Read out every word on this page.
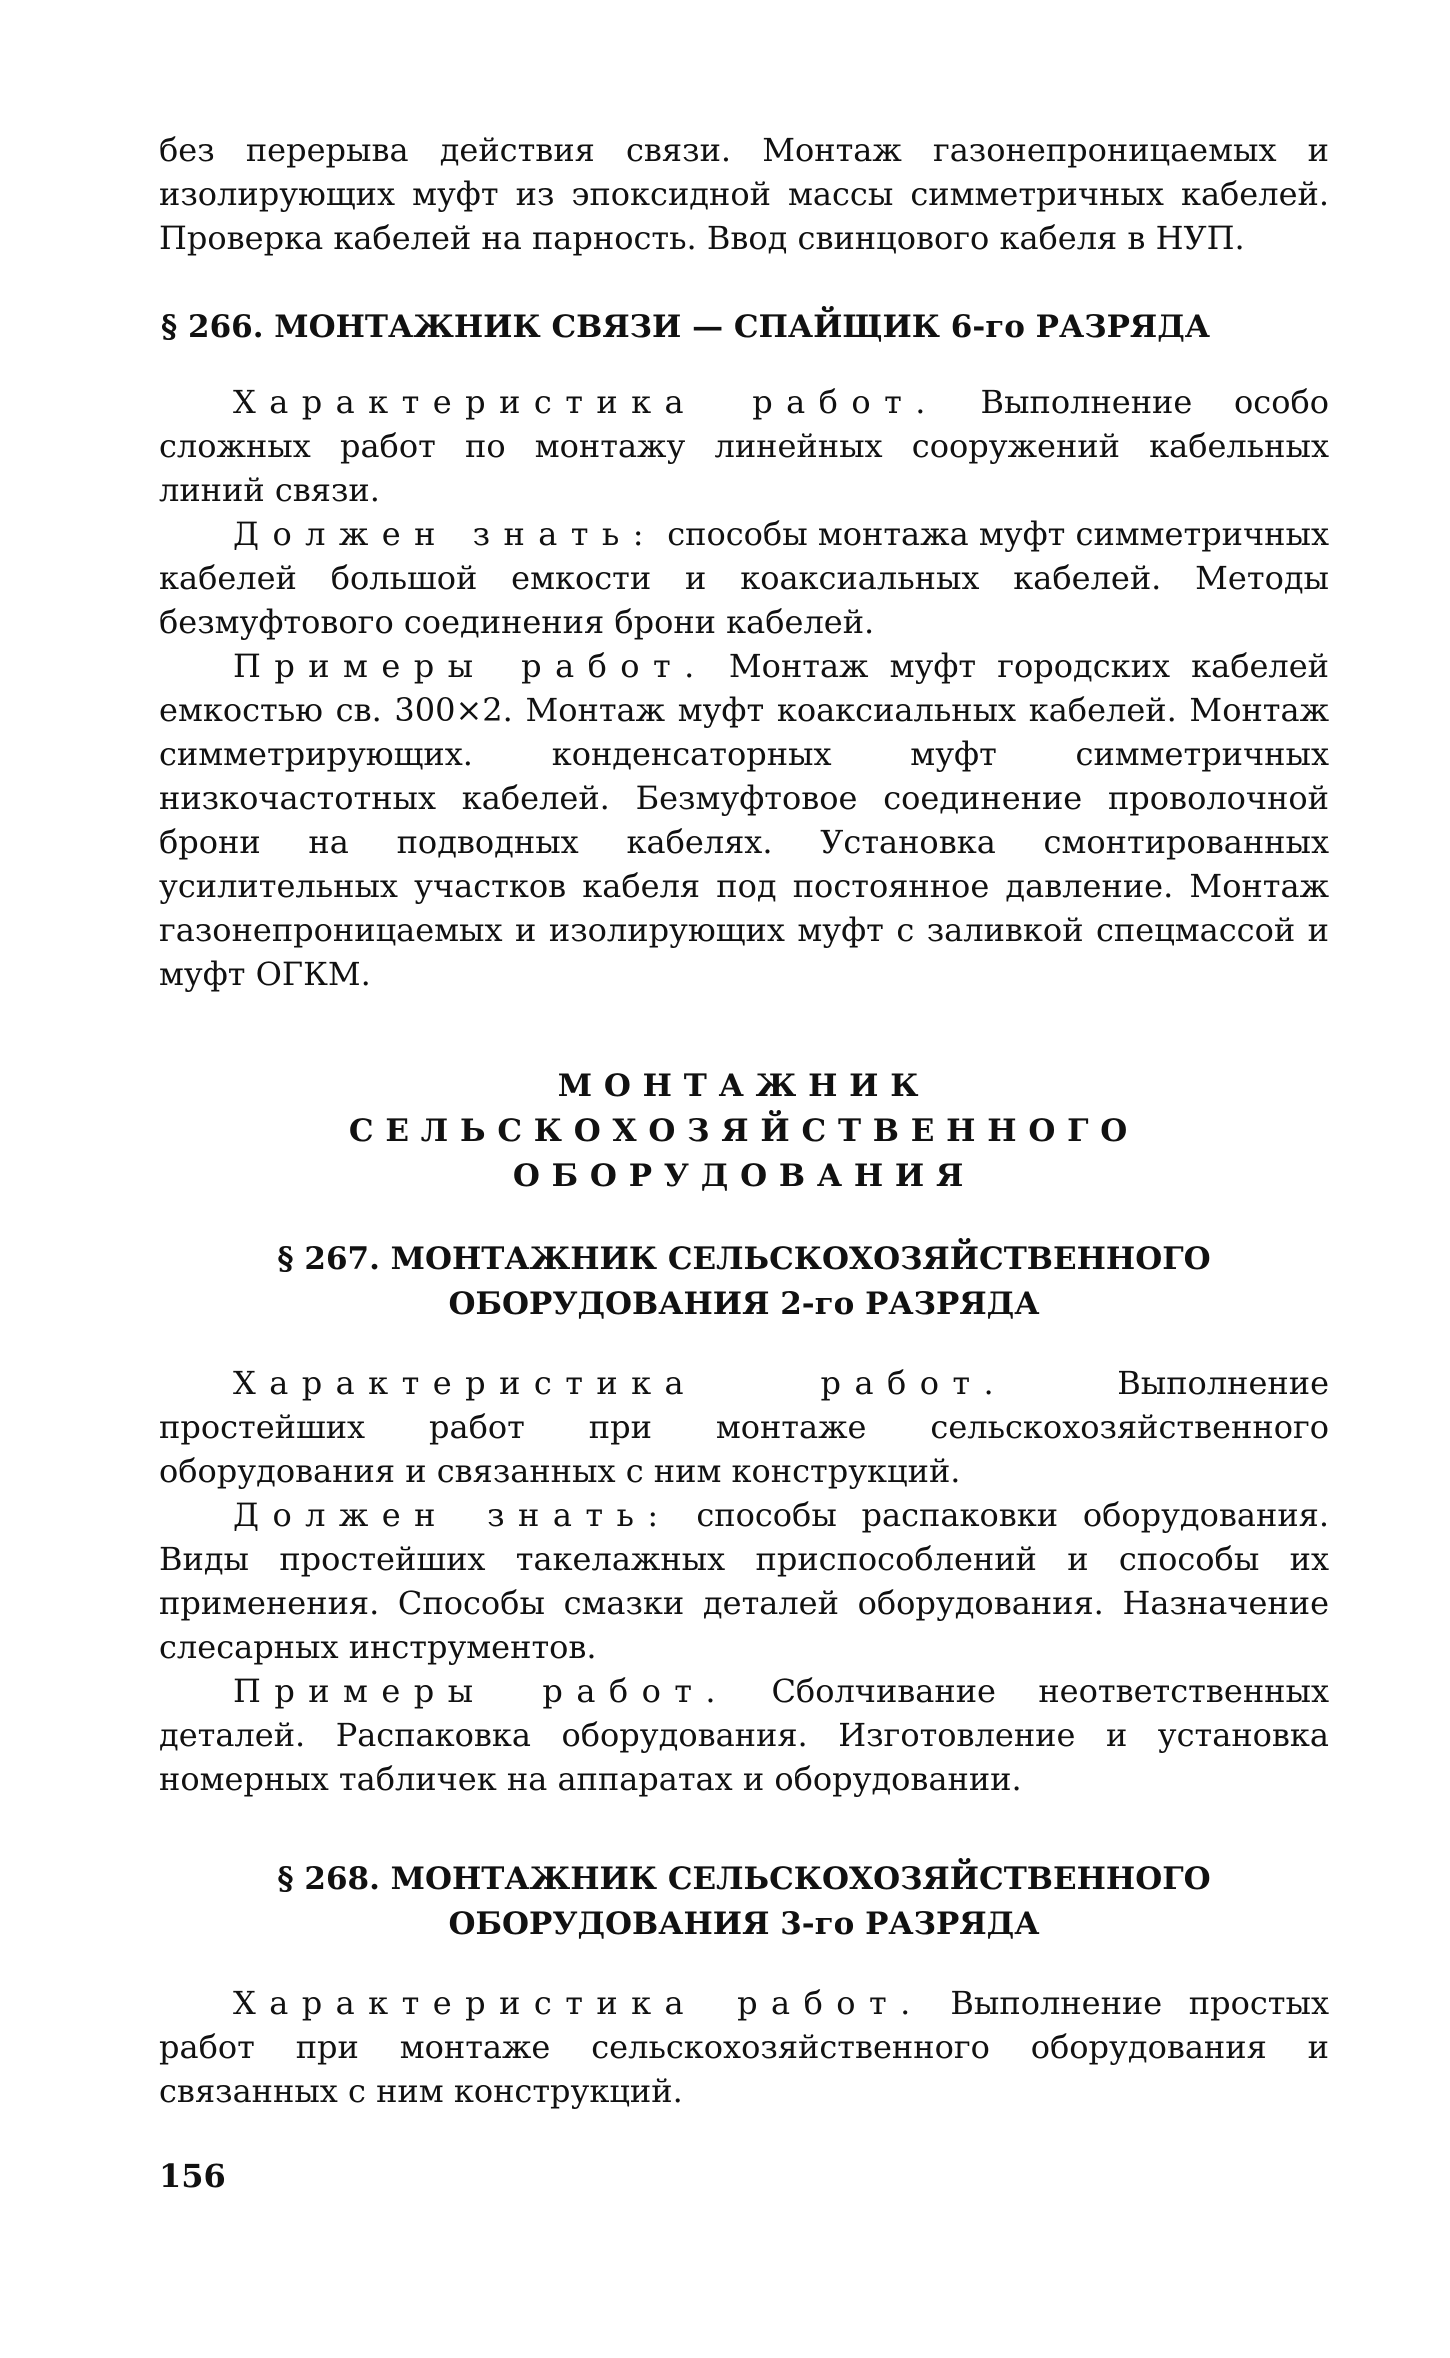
без перерыва действия связи. Монтаж газонепроницаемых и изолирующих муфт из эпоксидной массы симметричных кабелей. Проверка кабелей на парность. Ввод свинцового кабеля в НУП.

§ 266. МОНТАЖНИК СВЯЗИ — СПАЙЩИК 6-го РАЗРЯДА

Характеристика работ. Выполнение особо сложных работ по монтажу линейных сооружений кабельных линий связи.

Должен знать: способы монтажа муфт симметричных кабелей большой емкости и коаксиальных кабелей. Методы безмуфтового соединения брони кабелей.

Примеры работ. Монтаж муфт городских кабелей емкостью св. 300×2. Монтаж муфт коаксиальных кабелей. Монтаж симметрирующих. конденсаторных муфт симметричных низкочастотных кабелей. Безмуфтовое соединение проволочной брони на подводных кабелях. Установка смонтированных усилительных участков кабеля под постоянное давление. Монтаж газонепроницаемых и изолирующих муфт с заливкой спецмассой и муфт ОГКМ.

МОНТАЖНИК СЕЛЬСКОХОЗЯЙСТВЕННОГО
ОБОРУДОВАНИЯ
§ 267. МОНТАЖНИК СЕЛЬСКОХОЗЯЙСТВЕННОГО
ОБОРУДОВАНИЯ 2-го РАЗРЯДА

Характеристика работ.	Выполнение простейших работ при монтаже сельскохозяйственного оборудования и связанных с ним конструкций.

Должен знать: способы распаковки оборудования. Виды простейших такелажных приспособлений и способы их применения. Способы смазки деталей оборудования. Назначение слесарных инструментов.

Примеры работ. Сболчивание неответственных деталей. Распаковка оборудования. Изготовление и установка номерных табличек на аппаратах и оборудовании.

§ 268. МОНТАЖНИК СЕЛЬСКОХОЗЯЙСТВЕННОГО
ОБОРУДОВАНИЯ 3-го РАЗРЯДА

Характеристика работ. Выполнение простых работ при монтаже сельскохозяйственного оборудования и связанных с ним конструкций.

156
